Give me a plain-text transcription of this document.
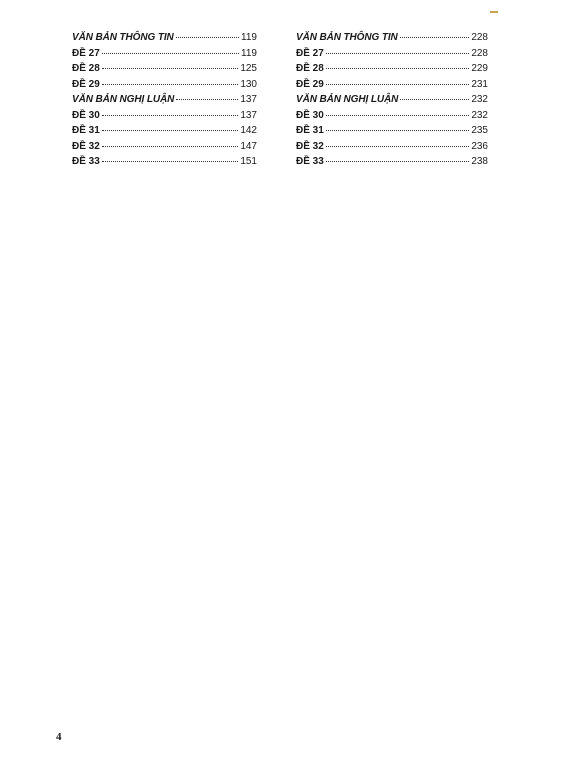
VĂN BẢN THÔNG TIN	119
ĐỀ 27	119
ĐỀ 28	125
ĐỀ 29	130
VĂN BẢN NGHỊ LUẬN	137
ĐỀ 30	137
ĐỀ 31	142
ĐỀ 32	147
ĐỀ 33	151
VĂN BẢN THÔNG TIN	228
ĐỀ 27	228
ĐỀ 28	229
ĐỀ 29	231
VĂN BẢN NGHỊ LUẬN	232
ĐỀ 30	232
ĐỀ 31	235
ĐỀ 32	236
ĐỀ 33	238
4
